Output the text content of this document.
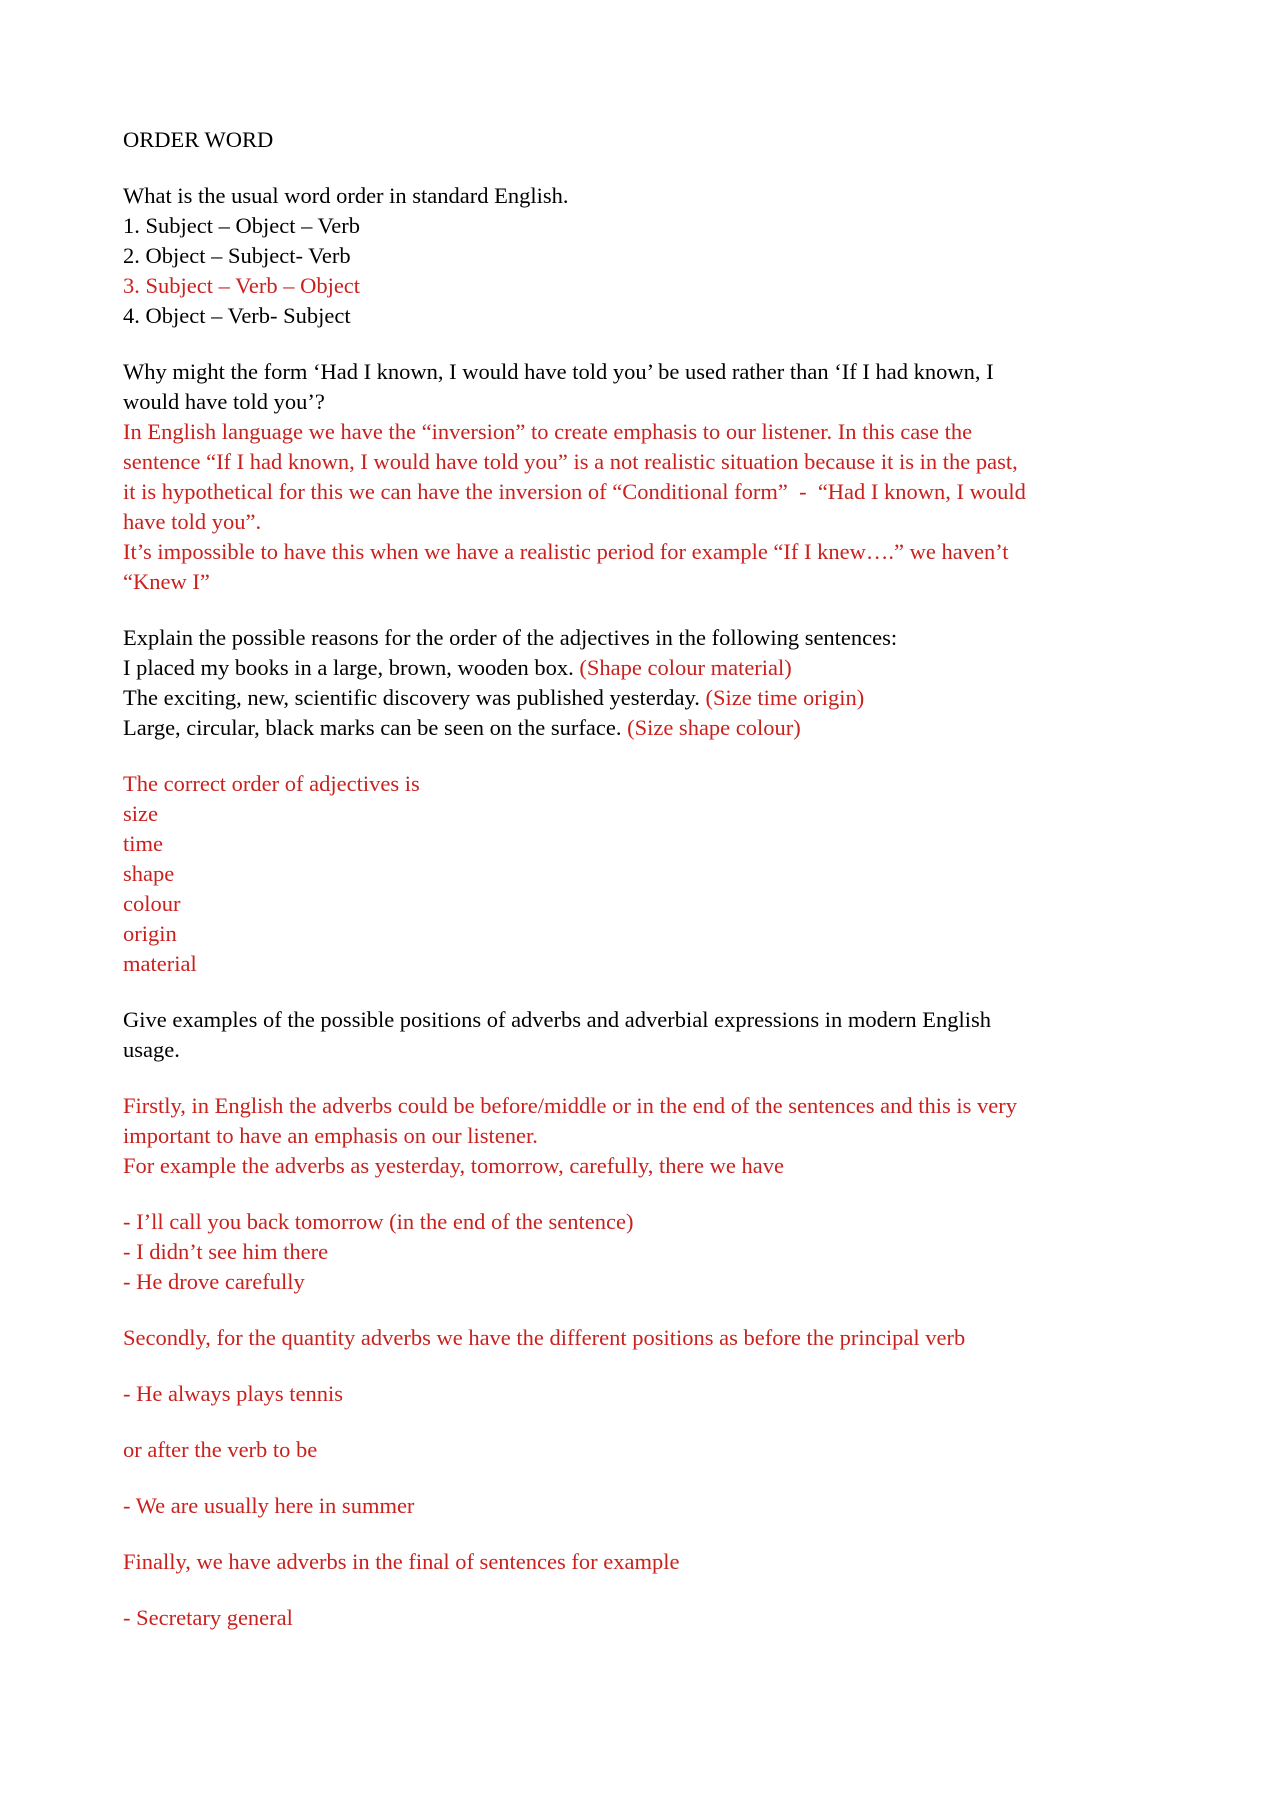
ORDER WORD

What is the usual word order in standard English.

1. Subject – Object – Verb

2. Object – Subject- Verb

3. Subject – Verb – Object

4. Object – Verb- Subject

Why might the form ‘Had I known, I would have told you’ be used rather than ‘If I had known, I

would have told you’?

In English language we have the “inversion” to create emphasis to our listener. In this case the

sentence “If I had known, I would have told you” is a not realistic situation because it is in the past,

it is hypothetical for this we can have the inversion of “Conditional form”  -  “Had I known, I would

have told you”.

It’s impossible to have this when we have a realistic period for example “If I knew….” we haven’t

“Knew I”

Explain the possible reasons for the order of the adjectives in the following sentences:

I placed my books in a large, brown, wooden box. (Shape colour material)

The exciting, new, scientific discovery was published yesterday. (Size time origin)

Large, circular, black marks can be seen on the surface. (Size shape colour)

The correct order of adjectives is

size

time

shape

colour

origin

material

Give examples of the possible positions of adverbs and adverbial expressions in modern English

usage.

Firstly, in English the adverbs could be before/middle or in the end of the sentences and this is very

important to have an emphasis on our listener.

For example the adverbs as yesterday, tomorrow, carefully, there we have

- I’ll call you back tomorrow (in the end of the sentence)

- I didn’t see him there

- He drove carefully

Secondly, for the quantity adverbs we have the different positions as before the principal verb

- He always plays tennis

or after the verb to be

- We are usually here in summer

Finally, we have adverbs in the final of sentences for example

- Secretary general
